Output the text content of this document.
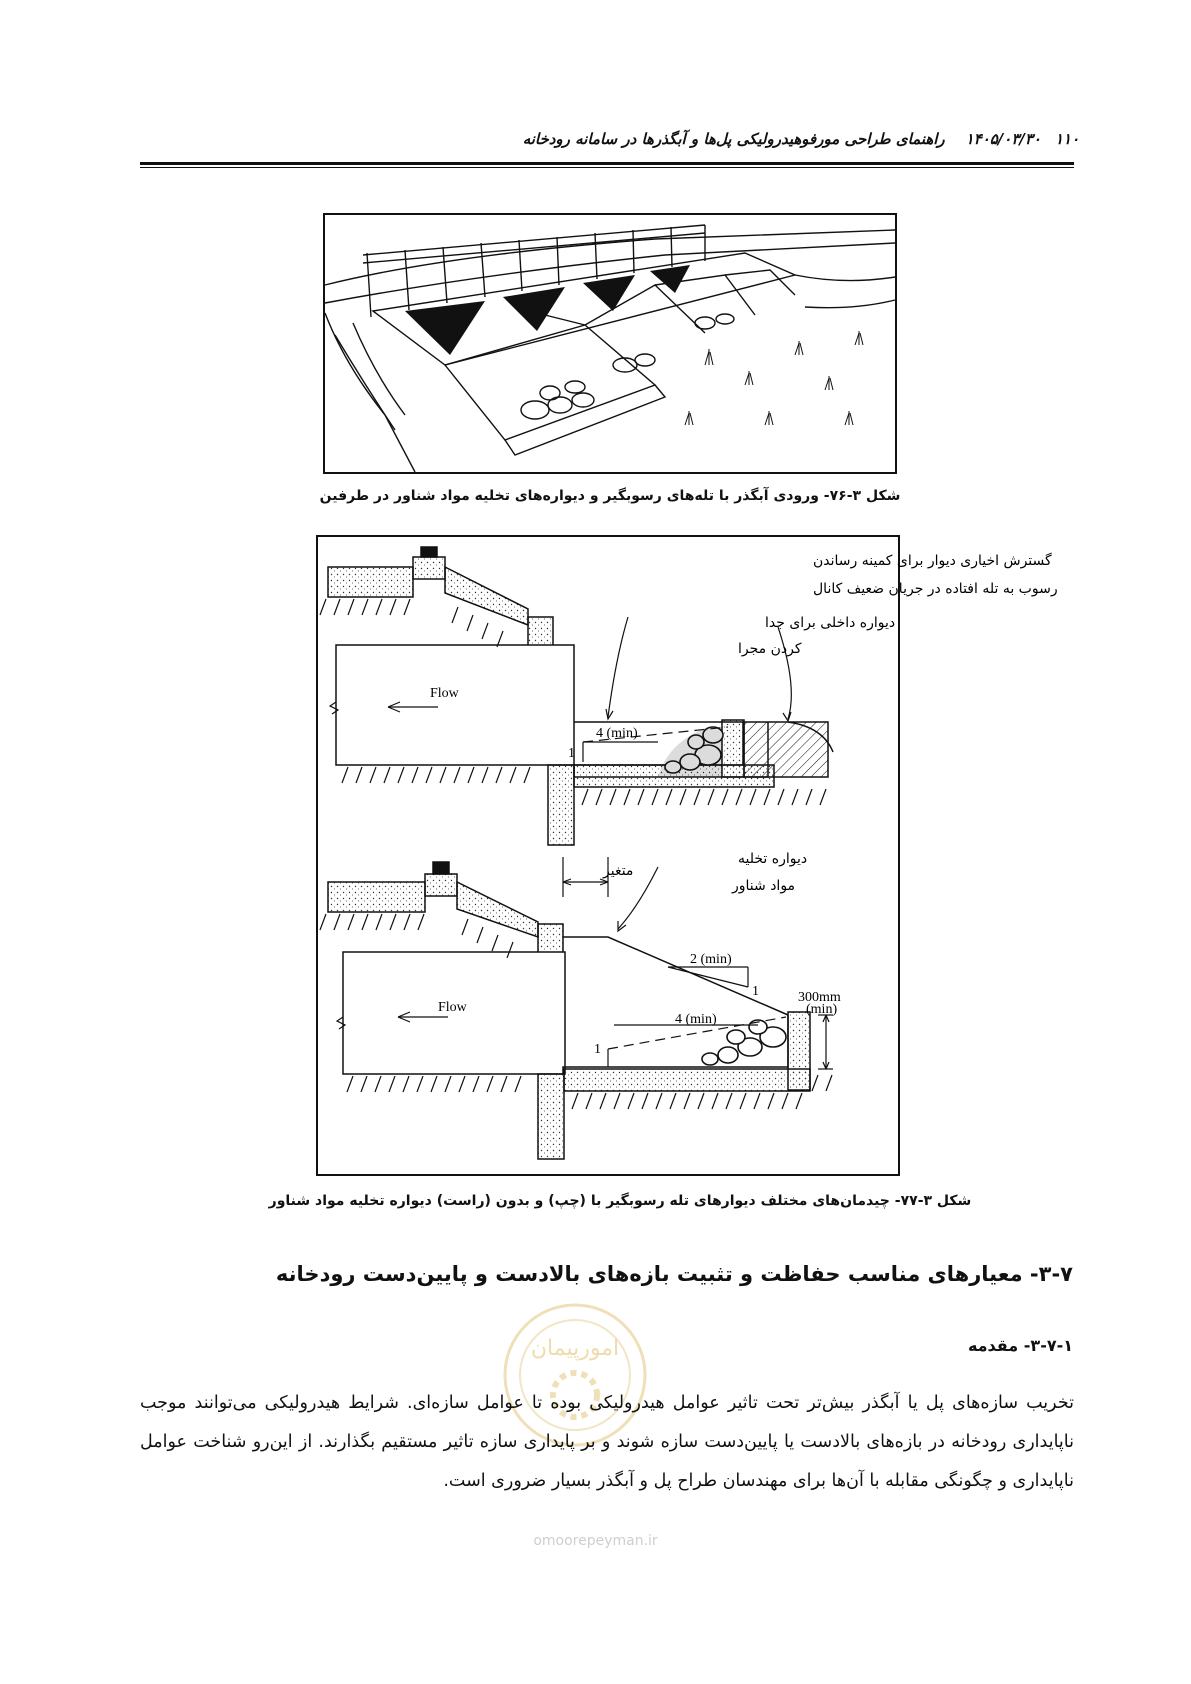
۱۱۰
۱۴۰۵/۰۳/۳۰    راهنمای طراحی مورفوهیدرولیکی پل‌ها و آبگذرها در سامانه رودخانه
شکل ۳-۷۶- ورودی آبگذر با تله‌های رسوبگیر و دیواره‌های تخلیه مواد شناور در طرفین
گسترش اخیاری دیوار برای کمینه رساندن
رسوب به تله افتاده در جریان ضعیف کانال
دیواره داخلی برای جدا
کردن مجرا
Flow
4 (min)
1
متغیر
دیواره تخلیه
مواد شناور
Flow
2 (min)
1
4 (min)
1
300mm
(min)
شکل ۳-۷۷- چیدمان‌های مختلف دیوارهای تله رسوبگیر با (چپ) و بدون (راست) دیواره تخلیه مواد شناور
۳-۷- معیارهای مناسب حفاظت و تثبیت بازه‌های بالادست و پایین‌دست رودخانه
۳-۷-۱- مقدمه
امورپیمان
تخریب سازه‌های پل یا آبگذر بیش‌تر تحت تاثیر عوامل هیدرولیکی بوده تا عوامل سازه‌ای. شرایط هیدرولیکی می‌توانند موجب ناپایداری رودخانه در بازه‌های بالادست یا پایین‌دست سازه شوند و بر پایداری سازه تاثیر مستقیم بگذارند. از این‌رو شناخت عوامل ناپایداری و چگونگی مقابله با آن‌ها برای مهندسان طراح پل و آبگذر بسیار ضروری است.
omoorepeyman.ir
